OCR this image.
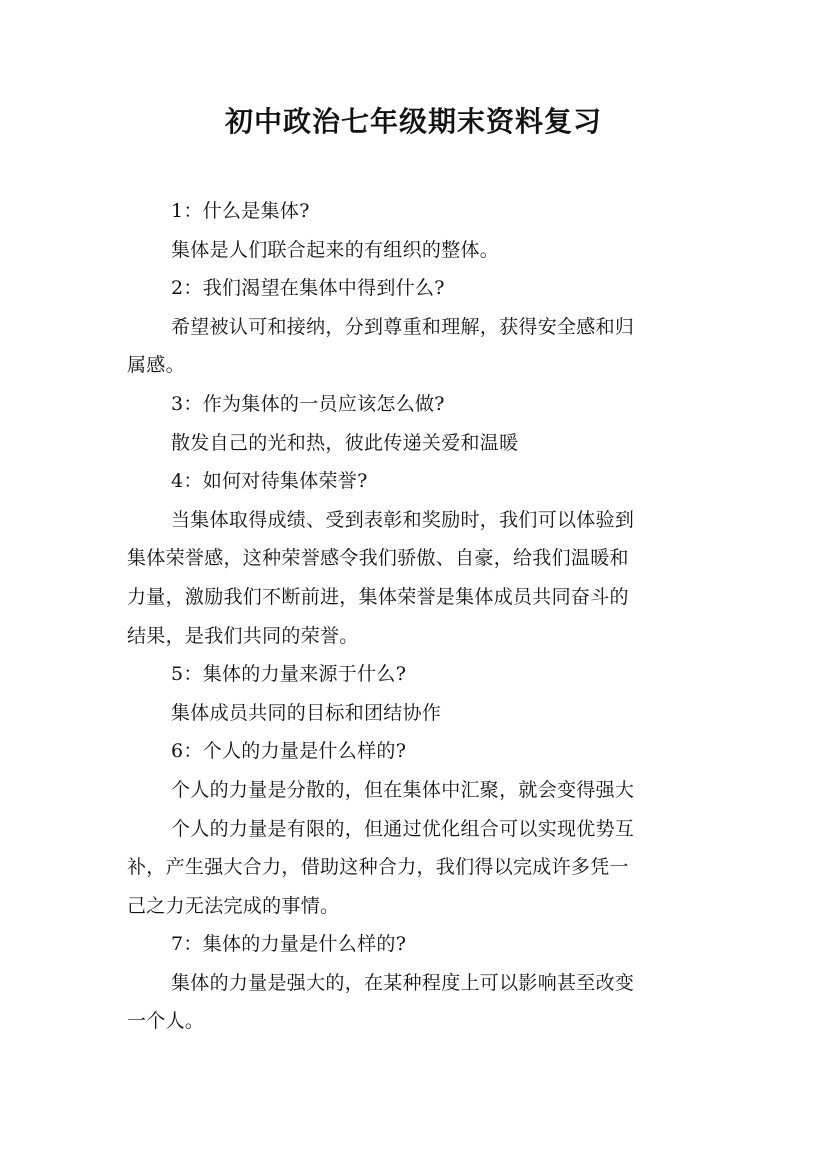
初中政治七年级期末资料复习
1：什么是集体?
集体是人们联合起来的有组织的整体。
2：我们渴望在集体中得到什么?
希望被认可和接纳，分到尊重和理解，获得安全感和归
属感。
3：作为集体的一员应该怎么做?
散发自己的光和热，彼此传递关爱和温暖
4：如何对待集体荣誉?
当集体取得成绩、受到表彰和奖励时，我们可以体验到
集体荣誉感，这种荣誉感令我们骄傲、自豪，给我们温暖和
力量，激励我们不断前进，集体荣誉是集体成员共同奋斗的
结果，是我们共同的荣誉。
5：集体的力量来源于什么?
集体成员共同的目标和团结协作
6：个人的力量是什么样的?
个人的力量是分散的，但在集体中汇聚，就会变得强大
个人的力量是有限的，但通过优化组合可以实现优势互
补，产生强大合力，借助这种合力，我们得以完成许多凭一
己之力无法完成的事情。
7：集体的力量是什么样的?
集体的力量是强大的，在某种程度上可以影响甚至改变
一个人。
